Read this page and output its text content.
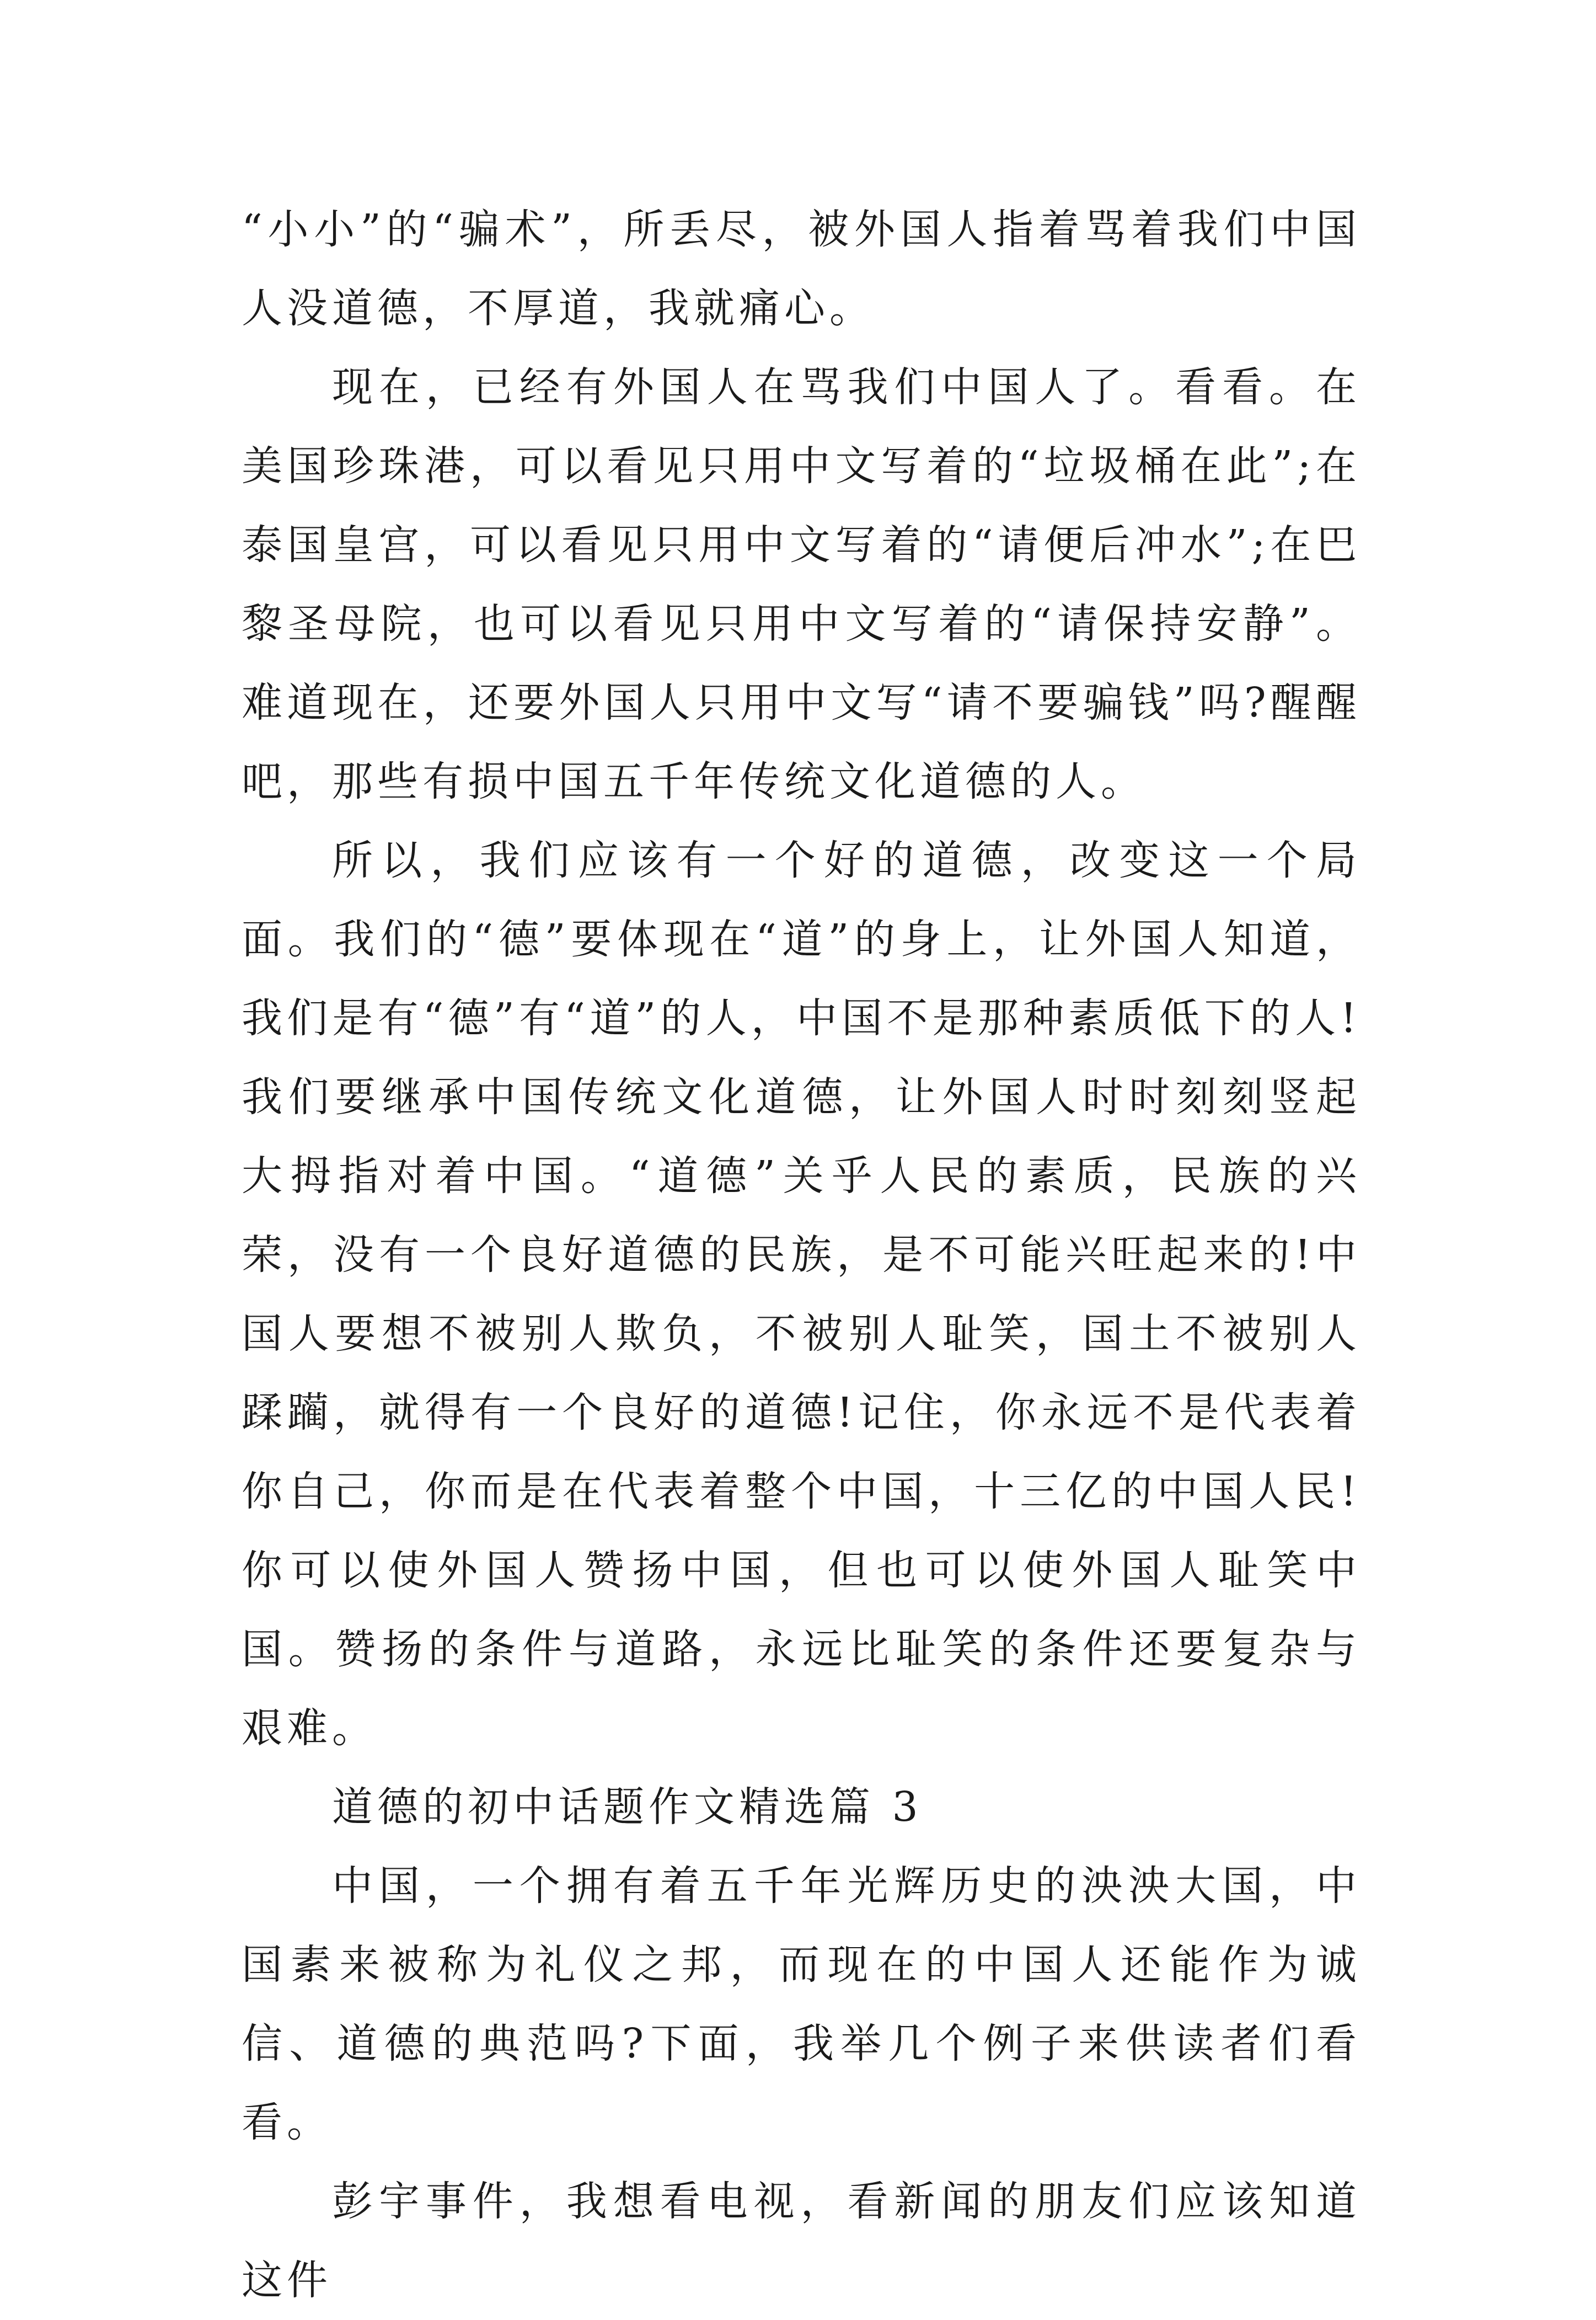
“小小”的“骗术”，所丢尽，被外国人指着骂着我们中国人没道德，不厚道，我就痛心。

现在，已经有外国人在骂我们中国人了。看看。在美国珍珠港，可以看见只用中文写着的“垃圾桶在此”;在泰国皇宫，可以看见只用中文写着的“请便后冲水”;在巴黎圣母院，也可以看见只用中文写着的“请保持安静”。难道现在，还要外国人只用中文写“请不要骗钱”吗?醒醒吧，那些有损中国五千年传统文化道德的人。

所以，我们应该有一个好的道德，改变这一个局面。我们的“德”要体现在“道”的身上，让外国人知道，我们是有“德”有“道”的人，中国不是那种素质低下的人!我们要继承中国传统文化道德，让外国人时时刻刻竖起大拇指对着中国。“道德”关乎人民的素质，民族的兴荣，没有一个良好道德的民族，是不可能兴旺起来的!中国人要想不被别人欺负，不被别人耻笑，国土不被别人蹂躏，就得有一个良好的道德!记住，你永远不是代表着你自己，你而是在代表着整个中国，十三亿的中国人民!你可以使外国人赞扬中国，但也可以使外国人耻笑中国。赞扬的条件与道路，永远比耻笑的条件还要复杂与艰难。

道德的初中话题作文精选篇 3

中国，一个拥有着五千年光辉历史的泱泱大国，中国素来被称为礼仪之邦，而现在的中国人还能作为诚信、道德的典范吗?下面，我举几个例子来供读者们看看。

彭宇事件，我想看电视，看新闻的朋友们应该知道这件
